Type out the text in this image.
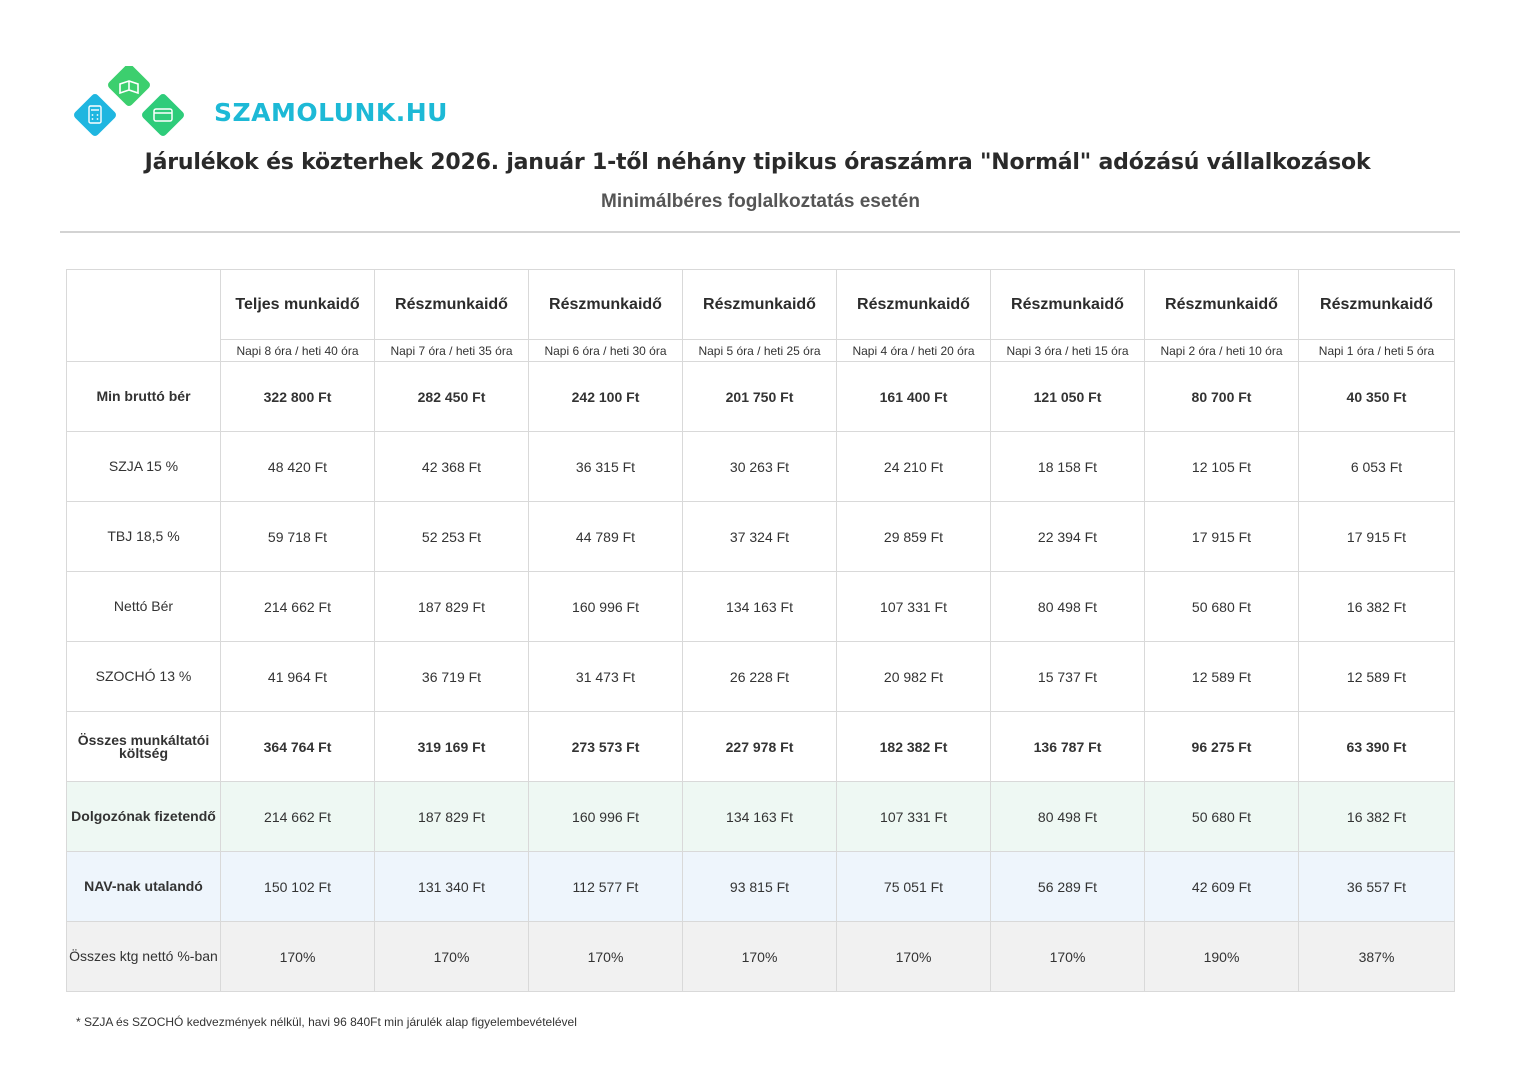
SZAMOLUNK.HU
Járulékok és közterhek 2026. január 1-től néhány tipikus óraszámra "Normál" adózású vállalkozások
Minimálbéres foglalkoztatás esetén
	Teljes munkaidő	Részmunkaidő	Részmunkaidő	Részmunkaidő	Részmunkaidő	Részmunkaidő	Részmunkaidő	Részmunkaidő
	Napi 8 óra / heti 40 óra	Napi 7 óra / heti 35 óra	Napi 6 óra / heti 30 óra	Napi 5 óra / heti 25 óra	Napi 4 óra / heti 20 óra	Napi 3 óra / heti 15 óra	Napi 2 óra / heti 10 óra	Napi 1 óra / heti 5 óra
Min bruttó bér	322 800 Ft	282 450 Ft	242 100 Ft	201 750 Ft	161 400 Ft	121 050 Ft	80 700 Ft	40 350 Ft
SZJA 15 %	48 420 Ft	42 368 Ft	36 315 Ft	30 263 Ft	24 210 Ft	18 158 Ft	12 105 Ft	6 053 Ft
TBJ 18,5 %	59 718 Ft	52 253 Ft	44 789 Ft	37 324 Ft	29 859 Ft	22 394 Ft	17 915 Ft	17 915 Ft
Nettó Bér	214 662 Ft	187 829 Ft	160 996 Ft	134 163 Ft	107 331 Ft	80 498 Ft	50 680 Ft	16 382 Ft
SZOCHÓ 13 %	41 964 Ft	36 719 Ft	31 473 Ft	26 228 Ft	20 982 Ft	15 737 Ft	12 589 Ft	12 589 Ft
Összes munkáltatói költség	364 764 Ft	319 169 Ft	273 573 Ft	227 978 Ft	182 382 Ft	136 787 Ft	96 275 Ft	63 390 Ft
Dolgozónak fizetendő	214 662 Ft	187 829 Ft	160 996 Ft	134 163 Ft	107 331 Ft	80 498 Ft	50 680 Ft	16 382 Ft
NAV-nak utalandó	150 102 Ft	131 340 Ft	112 577 Ft	93 815 Ft	75 051 Ft	56 289 Ft	42 609 Ft	36 557 Ft
Összes ktg nettó %-ban	170%	170%	170%	170%	170%	170%	190%	387%
* SZJA és SZOCHÓ kedvezmények nélkül, havi 96 840Ft min járulék alap figyelembevételével
